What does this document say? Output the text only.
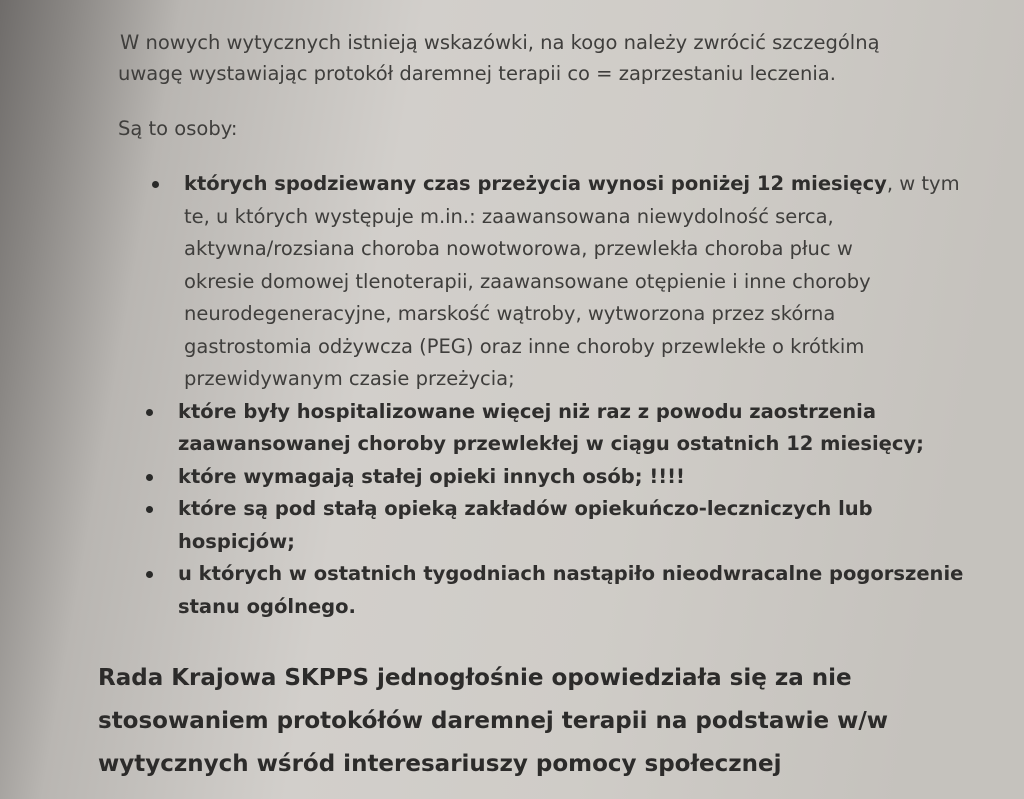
W nowych wytycznych istnieją wskazówki, na kogo należy zwrócić szczególną
uwagę wystawiając protokół daremnej terapii co = zaprzestaniu leczenia.
Są to osoby:
których spodziewany czas przeżycia wynosi poniżej 12 miesięcy, w tym
te, u których występuje m.in.: zaawansowana niewydolność serca,
aktywna/rozsiana choroba nowotworowa, przewlekła choroba płuc w
okresie domowej tlenoterapii, zaawansowane otępienie i inne choroby
neurodegeneracyjne, marskość wątroby, wytworzona przez skórna
gastrostomia odżywcza (PEG) oraz inne choroby przewlekłe o krótkim
przewidywanym czasie przeżycia;
które były hospitalizowane więcej niż raz z powodu zaostrzenia
zaawansowanej choroby przewlekłej w ciągu ostatnich 12 miesięcy;
które wymagają stałej opieki innych osób; !!!!
które są pod stałą opieką zakładów opiekuńczo-leczniczych lub
hospicjów;
u których w ostatnich tygodniach nastąpiło nieodwracalne pogorszenie
stanu ogólnego.
Rada Krajowa SKPPS jednogłośnie opowiedziała się za nie
stosowaniem protokółów daremnej terapii na podstawie w/w
wytycznych wśród interesariuszy pomocy społecznej
